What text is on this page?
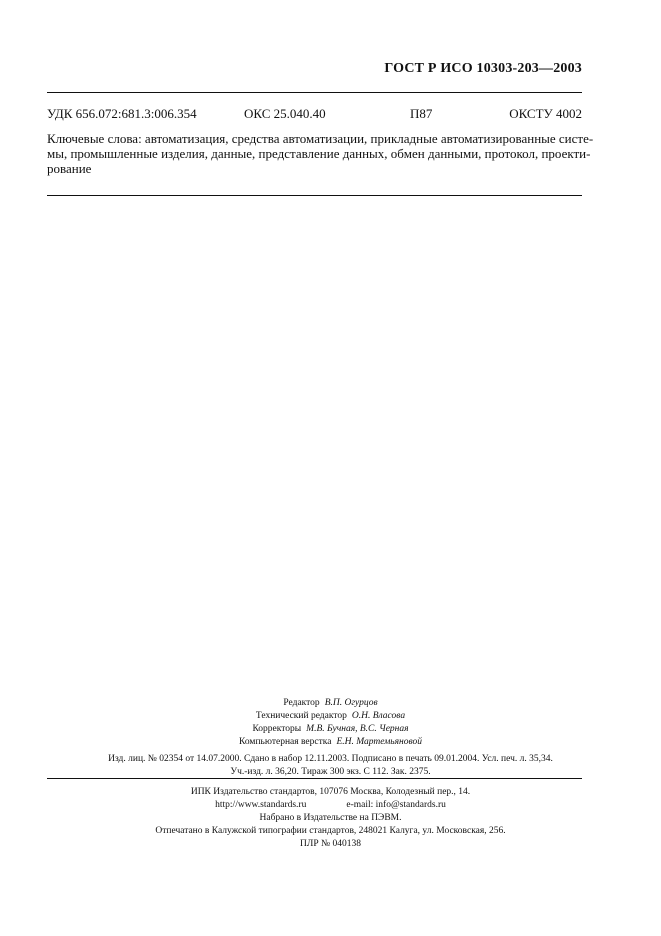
ГОСТ Р ИСО 10303-203—2003
УДК 656.072:681.3:006.354	ОКС 25.040.40	П87	ОКСТУ 4002
Ключевые слова: автоматизация, средства автоматизации, прикладные автоматизированные систе-
мы, промышленные изделия, данные, представление данных, обмен данными, протокол, проекти-
рование
Редактор В.П. Огурцов
Технический редактор О.Н. Власова
Корректоры М.В. Бучная, В.С. Черная
Компьютерная верстка Е.Н. Мартемьяновой
Изд. лиц. № 02354 от 14.07.2000. Сдано в набор 12.11.2003. Подписано в печать 09.01.2004. Усл. печ. л. 35,34.
Уч.-изд. л. 36,20. Тираж 300 экз. С 112. Зак. 2375.
ИПК Издательство стандартов, 107076 Москва, Колодезный пер., 14.
http://www.standards.ru	e-mail: info@standards.ru
Набрано в Издательстве на ПЭВМ.
Отпечатано в Калужской типографии стандартов, 248021 Калуга, ул. Московская, 256.
ПЛР № 040138
